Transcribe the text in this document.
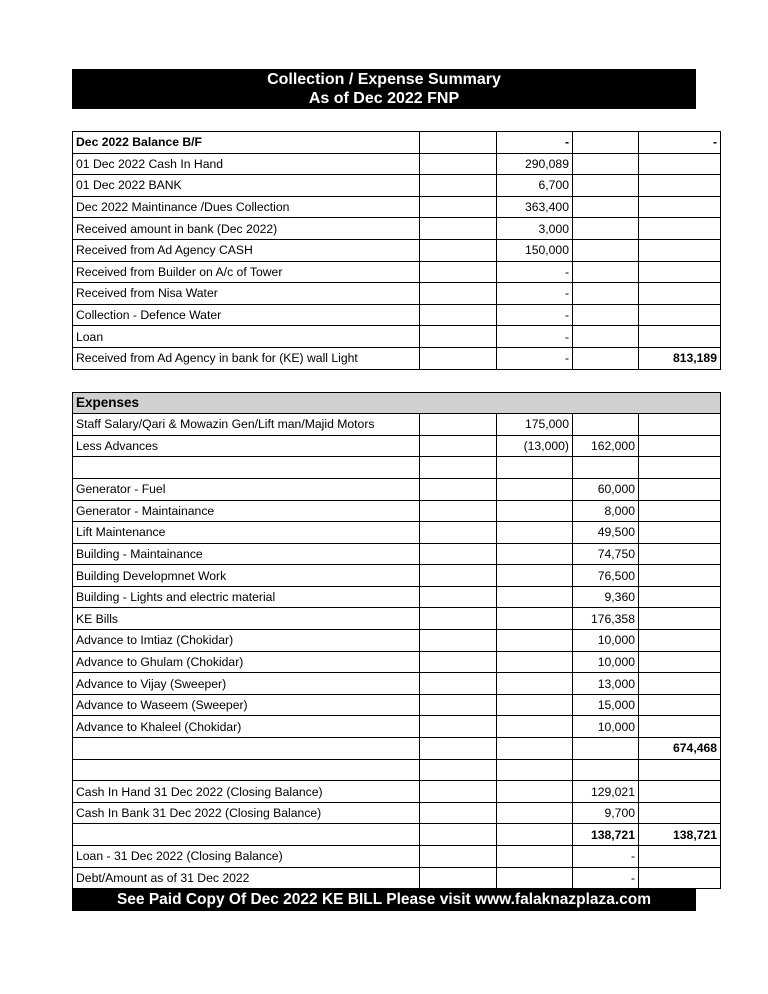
Collection / Expense Summary
As of Dec 2022 FNP
Dec 2022 Balance B/F		-		-
01 Dec 2022 Cash In Hand		290,089		
01 Dec 2022 BANK		6,700		
Dec 2022 Maintinance /Dues Collection		363,400		
Received amount in bank (Dec 2022)		3,000		
Received from Ad Agency CASH		150,000		
Received from Builder on A/c of Tower		-		
Received from Nisa Water		-		
Collection - Defence Water		-		
Loan		-		
Received from Ad Agency in bank for (KE) wall Light		-		813,189
Expenses				
Staff Salary/Qari & Mowazin Gen/Lift man/Majid Motors		175,000		
Less Advances		(13,000)	162,000	

Generator - Fuel			60,000	
Generator - Maintainance			8,000	
Lift Maintenance			49,500	
Building - Maintainance			74,750	
Building Developmnet Work			76,500	
Building - Lights and electric material			9,360	
KE Bills			176,358	
Advance to Imtiaz (Chokidar)			10,000	
Advance to Ghulam (Chokidar)			10,000	
Advance to Vijay (Sweeper)			13,000	
Advance to Waseem (Sweeper)			15,000	
Advance to Khaleel (Chokidar)			10,000	
				674,468

Cash In Hand 31 Dec 2022 (Closing Balance)			129,021	
Cash In Bank 31 Dec 2022 (Closing Balance)			9,700	
			138,721	138,721
Loan - 31 Dec 2022 (Closing Balance)			-	
Debt/Amount as of 31 Dec 2022			-	
See Paid Copy Of Dec 2022 KE BILL Please visit www.falaknazplaza.com
